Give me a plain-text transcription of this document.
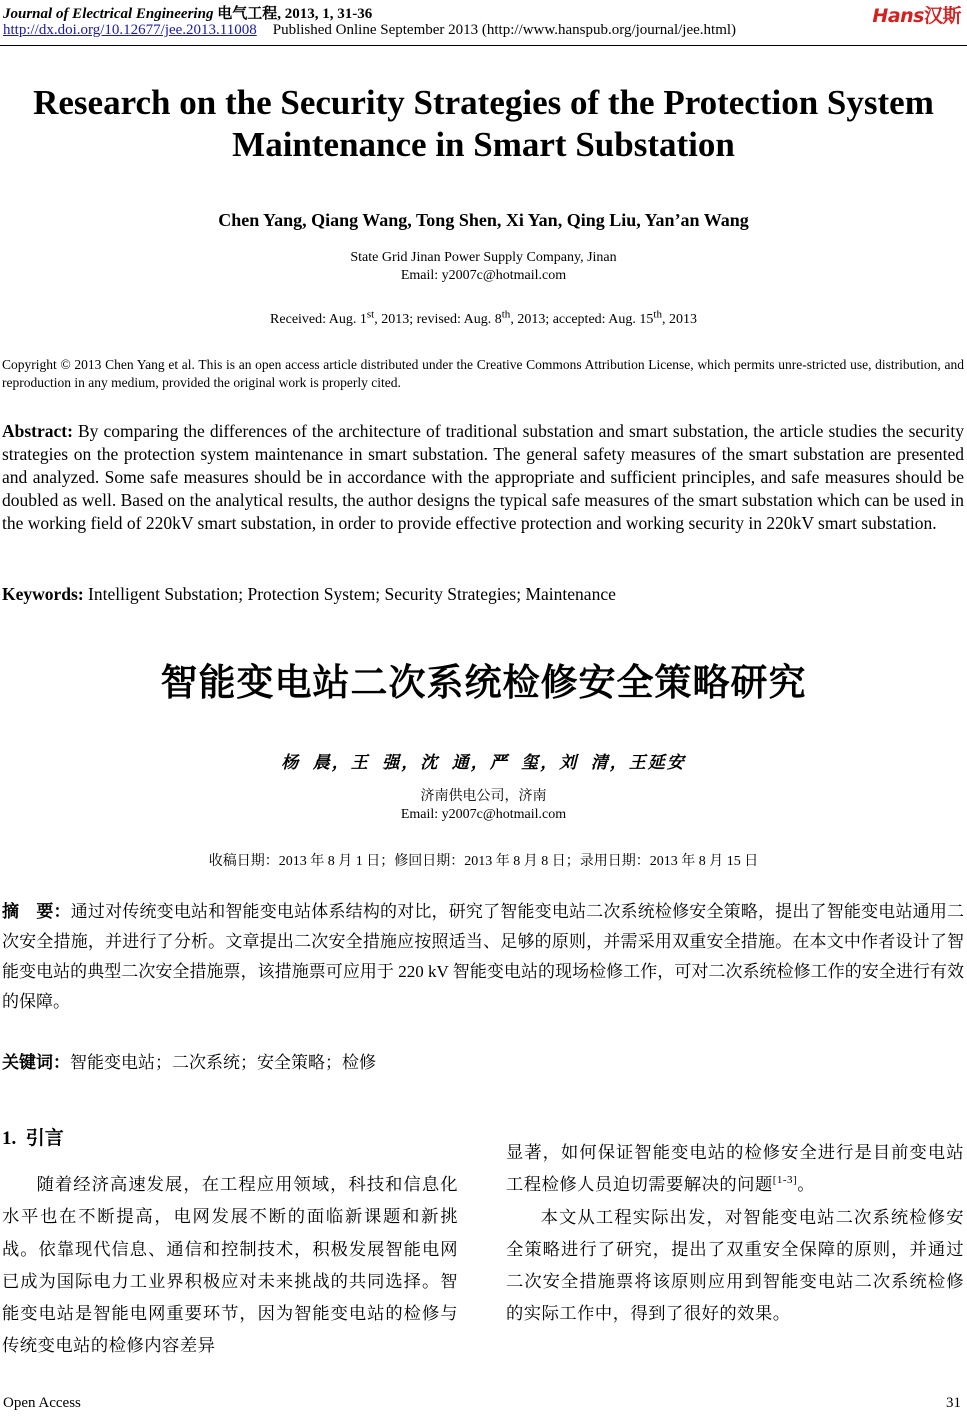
Journal of Electrical Engineering 电气工程, 2013, 1, 31-36	Hans汉斯
http://dx.doi.org/10.12677/jee.2013.11008 Published Online September 2013 (http://www.hanspub.org/journal/jee.html)
Research on the Security Strategies of the Protection System
Maintenance in Smart Substation
Chen Yang, Qiang Wang, Tong Shen, Xi Yan, Qing Liu, Yan’an Wang
State Grid Jinan Power Supply Company, Jinan
Email: y2007c@hotmail.com
Received: Aug. 1st, 2013; revised: Aug. 8th, 2013; accepted: Aug. 15th, 2013
Copyright © 2013 Chen Yang et al. This is an open access article distributed under the Creative Commons Attribution License, which permits unre-stricted use, distribution, and reproduction in any medium, provided the original work is properly cited.
Abstract: By comparing the differences of the architecture of traditional substation and smart substation, the article studies the security strategies on the protection system maintenance in smart substation. The general safety measures of the smart substation are presented and analyzed. Some safe measures should be in accordance with the appropriate and sufficient principles, and safe measures should be doubled as well. Based on the analytical results, the author designs the typical safe measures of the smart substation which can be used in the working field of 220kV smart substation, in order to provide effective protection and working security in 220kV smart substation.
Keywords: Intelligent Substation; Protection System; Security Strategies; Maintenance
智能变电站二次系统检修安全策略研究
杨  晨，王  强，沈  通，严  玺，刘  清，王延安
济南供电公司，济南
Email: y2007c@hotmail.com
收稿日期：2013 年 8 月 1 日；修回日期：2013 年 8 月 8 日；录用日期：2013 年 8 月 15 日
摘　要：通过对传统变电站和智能变电站体系结构的对比，研究了智能变电站二次系统检修安全策略，提出了智能变电站通用二次安全措施，并进行了分析。文章提出二次安全措施应按照适当、足够的原则，并需采用双重安全措施。在本文中作者设计了智能变电站的典型二次安全措施票，该措施票可应用于 220 kV 智能变电站的现场检修工作，可对二次系统检修工作的安全进行有效的保障。
关键词：智能变电站；二次系统；安全策略；检修
1. 引言

随着经济高速发展，在工程应用领域，科技和信息化水平也在不断提高，电网发展不断的面临新课题和新挑战。依靠现代信息、通信和控制技术，积极发展智能电网已成为国际电力工业界积极应对未来挑战的共同选择。智能变电站是智能电网重要环节，因为智能变电站的检修与传统变电站的检修内容差异

显著，如何保证智能变电站的检修安全进行是目前变电站工程检修人员迫切需要解决的问题[1-3]。

本文从工程实际出发，对智能变电站二次系统检修安全策略进行了研究，提出了双重安全保障的原则，并通过二次安全措施票将该原则应用到智能变电站二次系统检修的实际工作中，得到了很好的效果。

Open Access	31
